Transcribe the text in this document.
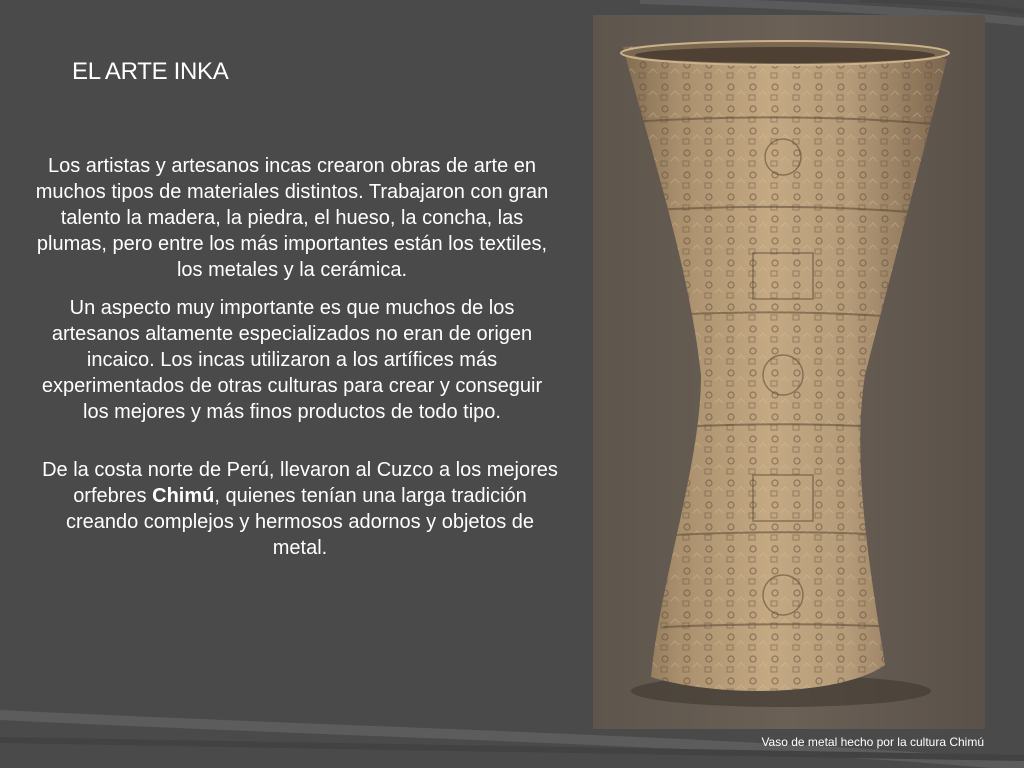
EL ARTE INKA

Los artistas y artesanos incas crearon obras de arte en muchos tipos de materiales distintos. Trabajaron con gran talento la madera, la piedra, el hueso, la concha, las plumas, pero entre los más importantes están los textiles, los metales y la cerámica.

Un aspecto muy importante es que muchos de los artesanos altamente especializados no eran de origen incaico. Los incas utilizaron a los artífices más experimentados de otras culturas para crear y conseguir los mejores y más finos productos de todo tipo.

De la costa norte de Perú, llevaron al Cuzco a los mejores orfebres Chimú, quienes tenían una larga tradición creando complejos y hermosos adornos y objetos de metal.

Vaso de metal hecho por la cultura Chimú
